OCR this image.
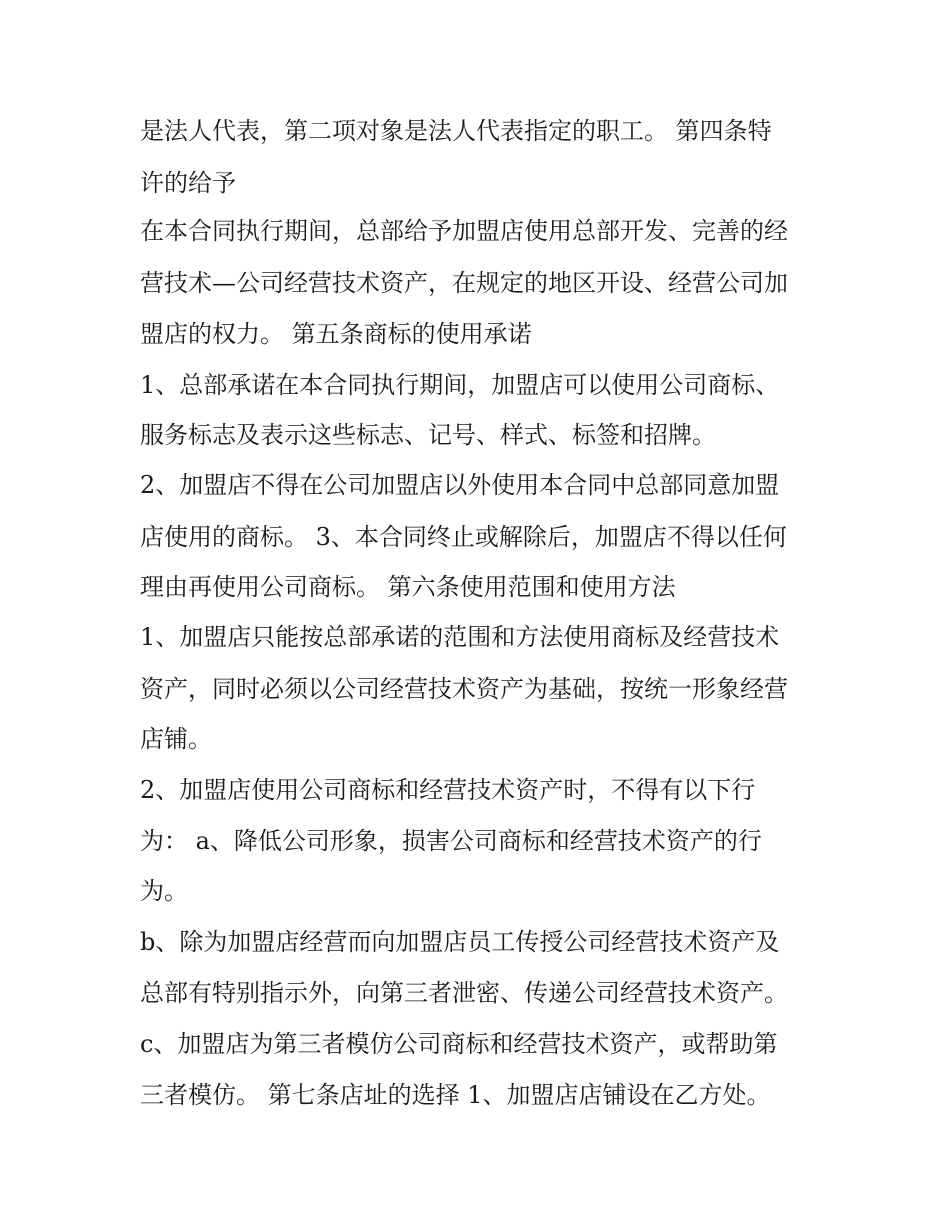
是法人代表，第二项对象是法人代表指定的职工。 第四条特
许的给予
在本合同执行期间，总部给予加盟店使用总部开发、完善的经
营技术—公司经营技术资产，在规定的地区开设、经营公司加
盟店的权力。 第五条商标的使用承诺
1、总部承诺在本合同执行期间，加盟店可以使用公司商标、
服务标志及表示这些标志、记号、样式、标签和招牌。
2、加盟店不得在公司加盟店以外使用本合同中总部同意加盟
店使用的商标。 3、本合同终止或解除后，加盟店不得以任何
理由再使用公司商标。 第六条使用范围和使用方法
1、加盟店只能按总部承诺的范围和方法使用商标及经营技术
资产，同时必须以公司经营技术资产为基础，按统一形象经营
店铺。
2、加盟店使用公司商标和经营技术资产时，不得有以下行
为： a、降低公司形象，损害公司商标和经营技术资产的行
为。
b、除为加盟店经营而向加盟店员工传授公司经营技术资产及
总部有特别指示外，向第三者泄密、传递公司经营技术资产。
c、加盟店为第三者模仿公司商标和经营技术资产，或帮助第
三者模仿。 第七条店址的选择 1、加盟店店铺设在乙方处。
